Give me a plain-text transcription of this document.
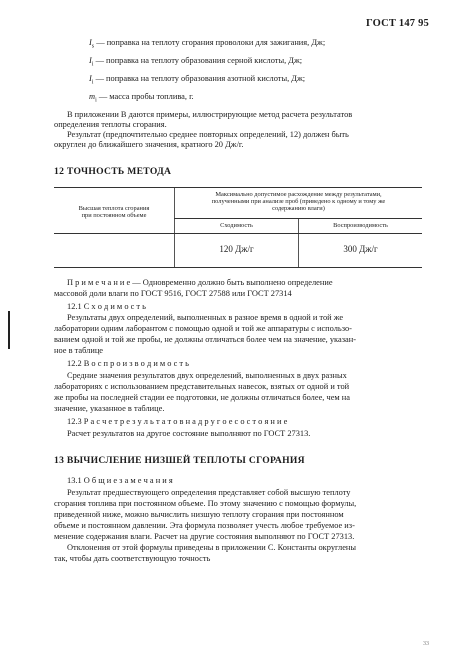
ГОСТ 147 95
$I_s$ — поправка на теплоту сгорания проволоки для зажигания, Дж;
$I_i$ — поправка на теплоту образования серной кислоты, Дж;
$I_i$ — поправка на теплоту образования азотной кислоты, Дж;
$m_i$ — масса пробы топлива, г.
В приложении В даются примеры, иллюстрирующие метод расчета результатов
определения теплоты сгорания.
Результат (предпочтительно среднее повторных определений, 12) должен быть
округлен до ближайшего значения, кратного 20 Дж/г.
12 ТОЧНОСТЬ МЕТОДА
Высшая теплота сгорания
при постоянном объеме
Максимально допустимое расхождение между результатами,
полученными при анализе проб (приведено к одному и тому же
содержанию влаги)
Сходимость	Воспроизводимость
120 Дж/г	300 Дж/г
П р и м е ч а н и е — Одновременно должно быть выполнено определение
массовой доли влаги по ГОСТ 9516, ГОСТ 27588 или ГОСТ 27314
12.1 С х о д и м о с т ь
Результаты двух определений, выполненных в разное время в одной и той же
лаборатории одним лаборантом с помощью одной и той же аппаратуры с использо-
ванием одной и той же пробы, не должны отличаться более чем на значение, указан-
ное в таблице
12.2 В о с п р о и з в о д и м о с т ь
Средние значения результатов двух определений, выполненных в двух разных
лабораториях с использованием представительных навесок, взятых от одной и той
же пробы на последней стадии ее подготовки, не должны отличаться более, чем на
значение, указанное в таблице.
12.3 Р а с ч е т р е з у л ь т а т о в н а д р у г о е с о с т о я н и е
Расчет результатов на другое состояние выполняют по ГОСТ 27313.
13 ВЫЧИСЛЕНИЕ НИЗШЕЙ ТЕПЛОТЫ СГОРАНИЯ
13.1 О б щ и е з а м е ч а н и я
Результат предшествующего определения представляет собой высшую теплоту
сгорания топлива при постоянном объеме. По этому значению с помощью формулы,
приведенной ниже, можно вычислить низшую теплоту сгорания при постоянном
объеме и постоянном давлении. Эта формула позволяет учесть любое требуемое из-
менение содержания влаги. Расчет на другие состояния выполняют по ГОСТ 27313.
Отклонения от этой формулы приведены в приложении С. Константы округлены
так, чтобы дать соответствующую точность
33
